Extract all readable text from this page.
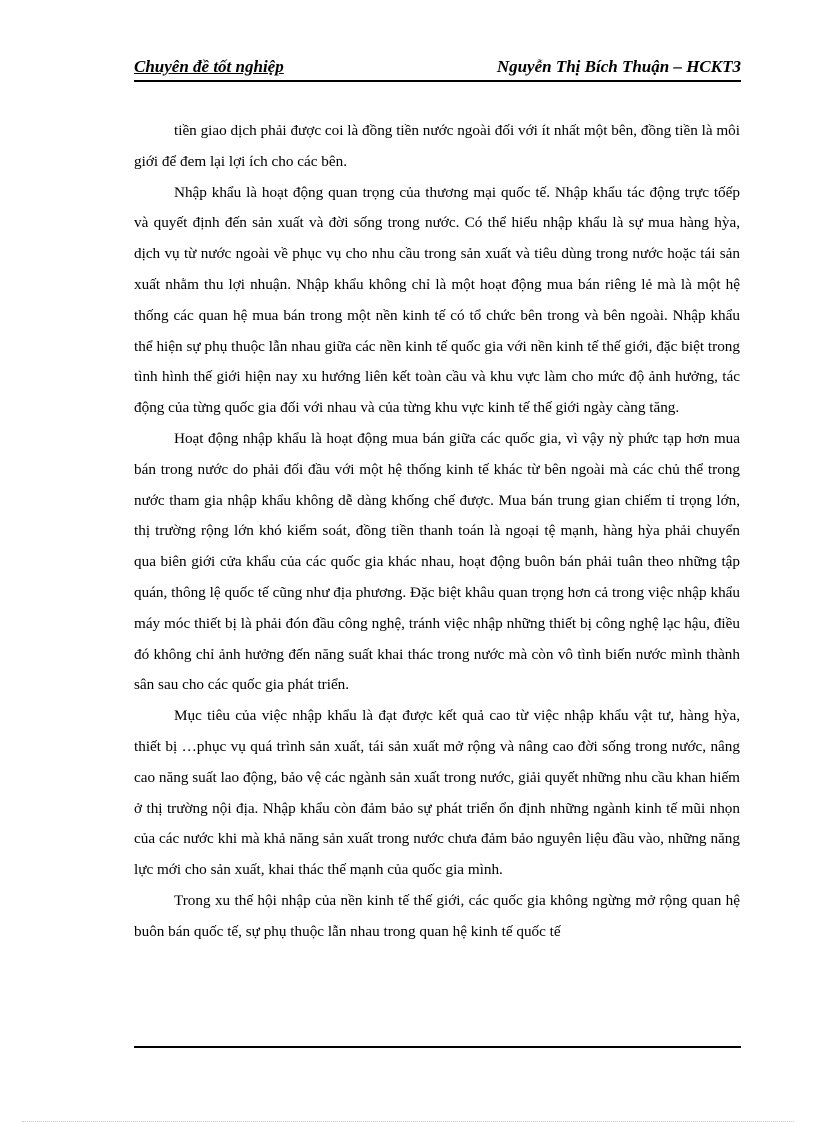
Chuyên đề tốt nghiệp	Nguyễn Thị Bích Thuận – HCKT3

tiền giao dịch phải được coi là đồng tiền nước ngoài đối với ít nhất một bên, đồng tiền là môi giới để đem lại lợi ích cho các bên.

Nhập khẩu là hoạt động quan trọng của thương mại quốc tế. Nhập khẩu tác động trực tốếp và quyết định đến sản xuất và đời sống trong nước. Có thể hiểu nhập khẩu là sự mua hàng hỳa, dịch vụ từ nước ngoài về phục vụ cho nhu cầu trong sản xuất và tiêu dùng trong nước hoặc tái sản xuất nhằm thu lợi nhuận. Nhập khẩu không chỉ là một hoạt động mua bán riêng lẻ mà là một hệ thống các quan hệ mua bán trong một nền kinh tế có tổ chức bên trong và bên ngoài. Nhập khẩu thể hiện sự phụ thuộc lẫn nhau giữa các nền kinh tế quốc gia với nền kinh tế thế giới, đặc biệt trong tình hình thế giới hiện nay xu hướng liên kết toàn cầu và khu vực làm cho mức độ ảnh hưởng, tác động của từng quốc gia đối với nhau và của từng khu vực kinh tế thế giới ngày càng tăng.

Hoạt động nhập khẩu là hoạt động mua bán giữa các quốc gia, vì vậy nỳ phức tạp hơn mua bán trong nước do phải đối đầu với một hệ thống kinh tế khác từ bên ngoài mà các chủ thể trong nước tham gia nhập khẩu không dễ dàng khống chế được. Mua bán trung gian chiếm tỉ trọng lớn, thị trường rộng lớn khó kiểm soát, đồng tiền thanh toán là ngoại tệ mạnh, hàng hỳa phải chuyển qua biên giới cửa khẩu của các quốc gia khác nhau, hoạt động buôn bán phải tuân theo những tập quán, thông lệ quốc tế cũng như địa phương. Đặc biệt khâu quan trọng hơn cả trong việc nhập khẩu máy móc thiết bị là phải đón đầu công nghệ, tránh việc nhập những thiết bị công nghệ lạc hậu, điều đó không chỉ ảnh hưởng đến năng suất khai thác trong nước mà còn vô tình biến nước mình thành sân sau cho các quốc gia phát triển.

Mục tiêu của việc nhập khẩu là đạt được kết quả cao từ việc nhập khẩu vật tư, hàng hỳa, thiết bị …phục vụ quá trình sản xuất, tái sản xuất mở rộng và nâng cao đời sống trong nước, nâng cao năng suất lao động, bảo vệ các ngành sản xuất trong nước, giải quyết những nhu cầu khan hiếm ở thị trường nội địa. Nhập khẩu còn đảm bảo sự phát triển ổn định những ngành kinh tế mũi nhọn của các nước khi mà khả năng sản xuất trong nước chưa đảm bảo nguyên liệu đầu vào, những năng lực mới cho sản xuất, khai thác thế mạnh của quốc gia mình.

Trong xu thế hội nhập của nền kinh tế thế giới, các quốc gia không ngừng mở rộng quan hệ buôn bán quốc tế, sự phụ thuộc lẫn nhau trong quan hệ kinh tế quốc tế
